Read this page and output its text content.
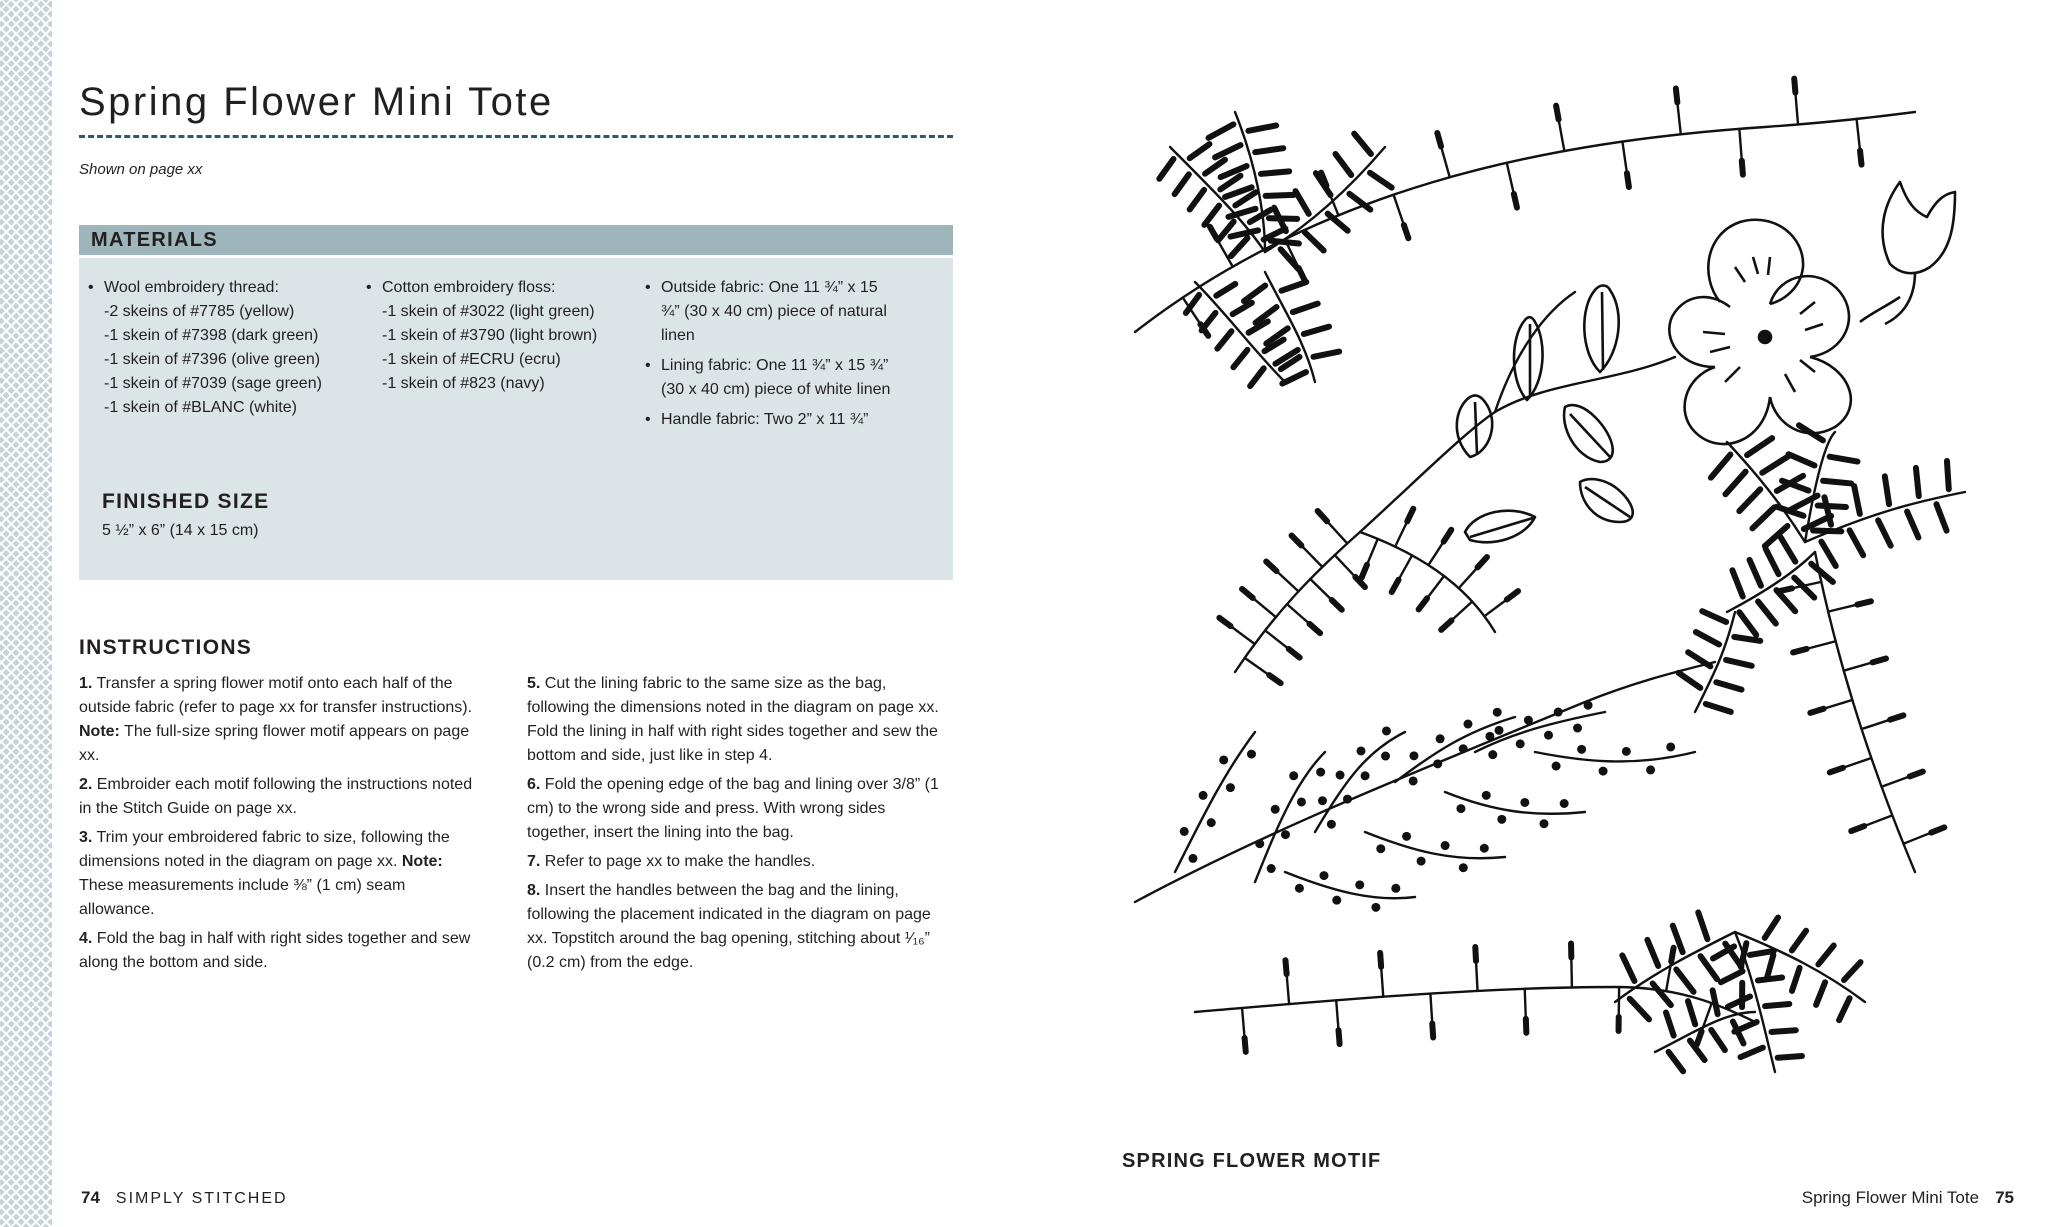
Spring Flower Mini Tote
Shown on page xx
MATERIALS
• Wool embroidery thread:
-2 skeins of #7785 (yellow)
-1 skein of #7398 (dark green)
-1 skein of #7396 (olive green)
-1 skein of #7039 (sage green)
-1 skein of #BLANC (white)
• Cotton embroidery floss:
-1 skein of #3022 (light green)
-1 skein of #3790 (light brown)
-1 skein of #ECRU (ecru)
-1 skein of #823 (navy)
• Outside fabric: One 11 ¾” x 15 ¾” (30 x 40 cm) piece of natural linen
• Lining fabric: One 11 ¾” x 15 ¾” (30 x 40 cm) piece of white linen
• Handle fabric: Two 2” x 11 ¾”
FINISHED SIZE
5 ½” x 6” (14 x 15 cm)
INSTRUCTIONS

1. Transfer a spring flower motif onto each half of the outside fabric (refer to page xx for transfer instructions). Note: The full-size spring flower motif appears on page xx.

2. Embroider each motif following the instructions noted in the Stitch Guide on page xx.

3. Trim your embroidered fabric to size, following the dimensions noted in the diagram on page xx. Note: These measurements include ⅜” (1 cm) seam allowance.

4. Fold the bag in half with right sides together and sew along the bottom and side.

5. Cut the lining fabric to the same size as the bag, following the dimensions noted in the diagram on page xx. Fold the lining in half with right sides together and sew the bottom and side, just like in step 4.

6. Fold the opening edge of the bag and lining over 3/8” (1 cm) to the wrong side and press. With wrong sides together, insert the lining into the bag.

7. Refer to page xx to make the handles.

8. Insert the handles between the bag and the lining, following the placement indicated in the diagram on page xx. Topstitch around the bag opening, stitching about ¹⁄₁₆” (0.2 cm) from the edge.

SPRING FLOWER MOTIF
74 SIMPLY STITCHED	Spring Flower Mini Tote 75
